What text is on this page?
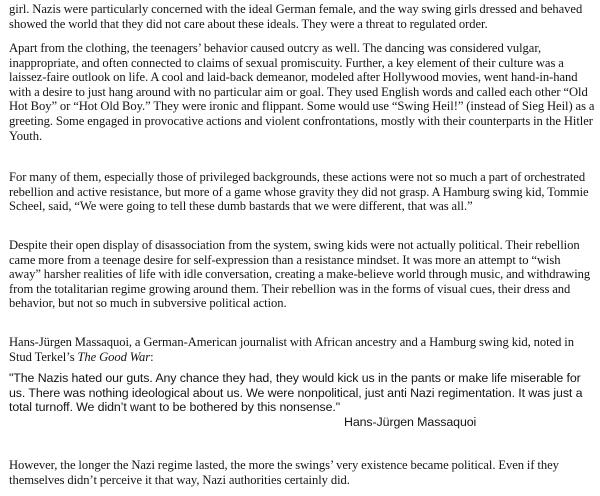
girl. Nazis were particularly concerned with the ideal German female, and the way swing girls dressed and behaved showed the world that they did not care about these ideals. They were a threat to regulated order.

Apart from the clothing, the teenagers’ behavior caused outcry as well. The dancing was considered vulgar, inappropriate, and often connected to claims of sexual promiscuity. Further, a key element of their culture was a laissez-faire outlook on life. A cool and laid-back demeanor, modeled after Hollywood movies, went hand-in-hand with a desire to just hang around with no particular aim or goal. They used English words and called each other “Old Hot Boy” or “Hot Old Boy.” They were ironic and flippant. Some would use “Swing Heil!” (instead of Sieg Heil) as a greeting. Some engaged in provocative actions and violent confrontations, mostly with their counterparts in the Hitler Youth.

For many of them, especially those of privileged backgrounds, these actions were not so much a part of orchestrated rebellion and active resistance, but more of a game whose gravity they did not grasp. A Hamburg swing kid, Tommie Scheel, said, “We were going to tell these dumb bastards that we were different, that was all.”

Despite their open display of disassociation from the system, swing kids were not actually political. Their rebellion came more from a teenage desire for self-expression than a resistance mindset. It was more an attempt to “wish away” harsher realities of life with idle conversation, creating a make-believe world through music, and withdrawing from the totalitarian regime growing around them. Their rebellion was in the forms of visual cues, their dress and behavior, but not so much in subversive political action.

Hans-Jürgen Massaquoi, a German-American journalist with African ancestry and a Hamburg swing kid, noted in Stud Terkel’s The Good War:

"The Nazis hated our guts. Any chance they had, they would kick us in the pants or make life miserable for us. There was nothing ideological about us. We were nonpolitical, just anti Nazi regimentation. It was just a total turnoff. We didn’t want to be bothered by this nonsense."
Hans-Jürgen Massaquoi

However, the longer the Nazi regime lasted, the more the swings’ very existence became political. Even if they themselves didn’t perceive it that way, Nazi authorities certainly did.
